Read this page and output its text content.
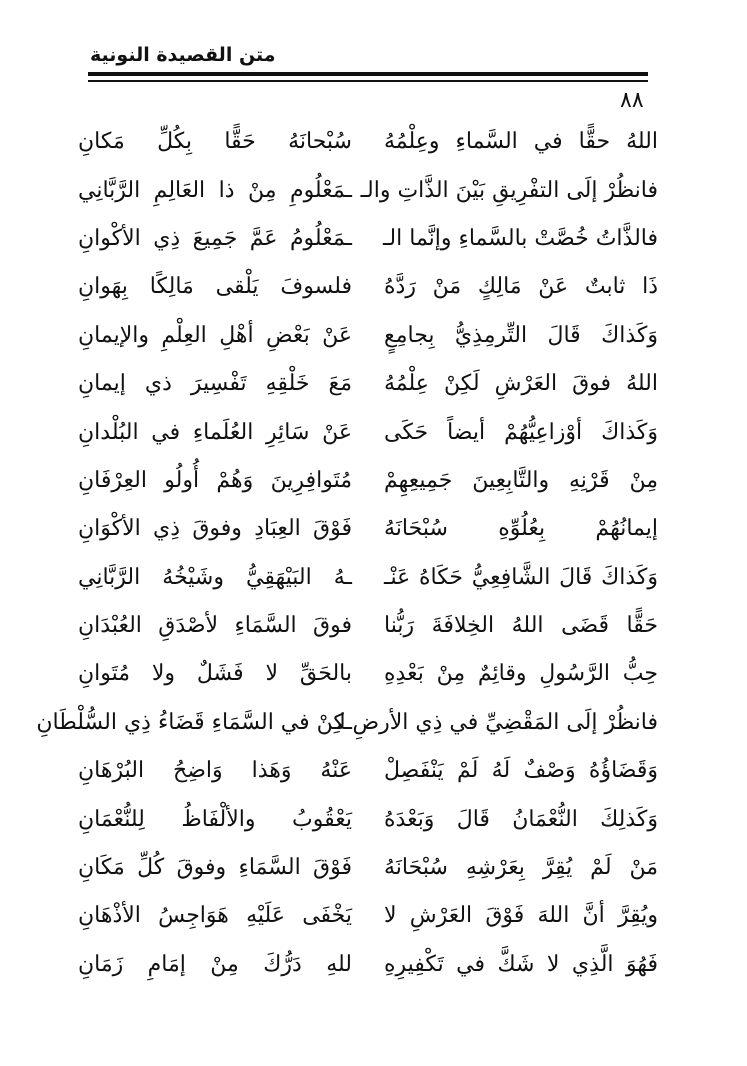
متن القصيدة النونية
٨٨
اللهُ حقًّا في السَّماءِ وعِلْمُهُ
سُبْحانَهُ حَقًّا بِكُلِّ مَكانِ
فانظُرْ إلَى التفْرِيقِ بَيْنَ الذَّاتِ والـ
ـمَعْلُومِ مِنْ ذا العَالِمِ الرَّبَّانِي
فالذَّاتُ خُصَّتْ بالسَّماءِ وإنَّما الـ
ـمَعْلُومُ عَمَّ جَمِيعَ ذِي الأكْوانِ
ذَا ثابتٌ عَنْ مَالِكٍ مَنْ رَدَّهُ
فلسوفَ يَلْقى مَالِكًا بِهَوانِ
وَكَذاكَ قَالَ التِّرمِذِيُّ بِجامِعٍ
عَنْ بَعْضِ أهْلِ العِلْمِ والإيمانِ
اللهُ فوقَ العَرْشِ لَكِنْ عِلْمُهُ
مَعَ خَلْقِهِ تَفْسِيرَ ذي إيمانِ
وَكَذاكَ أوْزاعِيُّهُمْ أيضاً حَكَى
عَنْ سَائِرِ العُلَماءِ في البُلْدانِ
مِنْ قَرْنِهِ والتَّابِعِينَ جَمِيعِهِمْ
مُتَوافِرِينَ وَهُمْ أُولُو العِرْفَانِ
إيمانُهُمْ بِعُلُوِّهِ سُبْحَانَهُ
فَوْقَ العِبَادِ وفوقَ ذِي الأكْوَانِ
وَكَذاكَ قَالَ الشَّافِعِيُّ حَكَاهُ عَنْـ
ـهُ البَيْهَقِيُّ وشَيْخُهُ الرَّبَّانِي
حَقًّا قَضَى اللهُ الخِلافَةَ رَبُّنا
فوقَ السَّمَاءِ لأصْدَقِ العُبْدَانِ
حِبُّ الرَّسُولِ وقائِمٌ مِنْ بَعْدِهِ
بالحَقِّ لا فَشَلٌ ولا مُتَوانِ
فانظُرْ إلَى المَقْضِيِّ في ذِي الأرضِ لـ
ـكِنْ في السَّمَاءِ قَضَاءُ ذِي السُّلْطَانِ
وَقَضَاؤُهُ وَصْفٌ لَهُ لَمْ يَنْفَصِلْ
عَنْهُ وَهَذا وَاضِحُ البُرْهَانِ
وَكَذلِكَ النُّعْمَانُ قَالَ وَبَعْدَهُ
يَعْقُوبُ والألْفَاظُ لِلنُّعْمَانِ
مَنْ لَمْ يُقِرَّ بِعَرْشِهِ سُبْحَانَهُ
فَوْقَ السَّمَاءِ وفوقَ كُلِّ مَكَانِ
ويُقِرَّ أنَّ اللهَ فَوْقَ العَرْشِ لا
يَخْفَى عَلَيْهِ هَوَاجِسُ الأذْهَانِ
فَهُوَ الَّذِي لا شَكَّ في تَكْفِيرِهِ
للهِ دَرُّكَ مِنْ إمَامِ زَمَانِ
